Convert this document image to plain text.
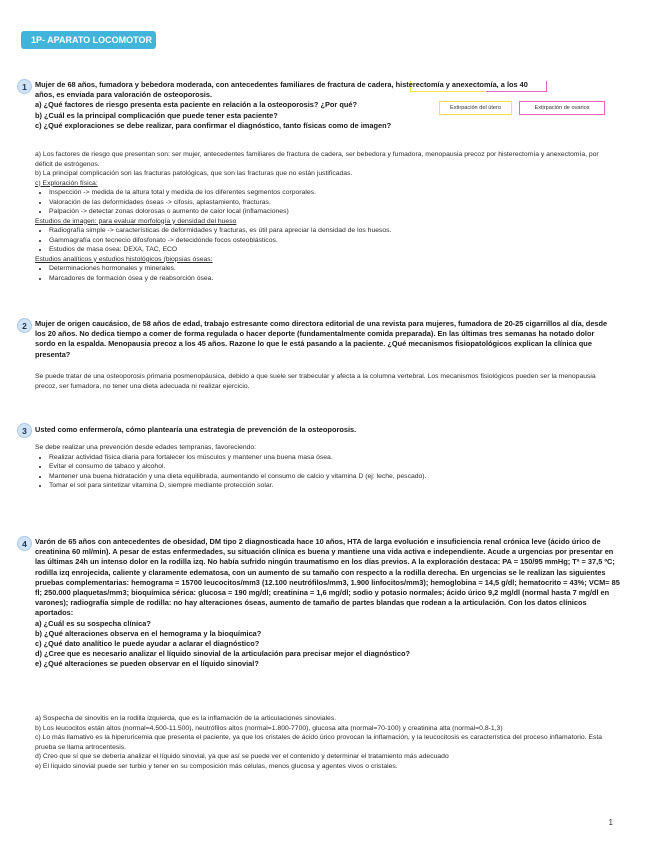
1P- APARATO LOCOMOTOR
Extirpación del útero	Extirpación de ovarios
1	Mujer de 68 años, fumadora y bebedora moderada, con antecedentes familiares de fractura de cadera, histerectomía y anexectomía, a los 40

años, es enviada para valoración de osteoporosis.

a) ¿Qué factores de riesgo presenta esta paciente en relación a la osteoporosis? ¿Por qué?

b) ¿Cuál es la principal complicación que puede tener esta paciente?

c) ¿Qué exploraciones se debe realizar, para confirmar el diagnóstico, tanto físicas como de imagen?

a) Los factores de riesgo que presentan son: ser mujer, antecedentes familiares de fractura de cadera, ser bebedora y fumadora, menopausia precoz por histerectomía y anexectomía, por déficit de estrógenos.

b) La principal complicación son las fracturas patológicas, que son las fracturas que no están justificadas.

c) Exploración física:

• Inspección -> medida de la altura total y medida de los diferentes segmentos corporales.
• Valoración de las deformidades óseas -> cifosis, aplastamiento, fracturas.
• Palpación -> detectar zonas dolorosas o aumento de calor local (inflamaciones)

Estudios de imagen: para evaluar morfología y densidad del hueso

• Radiografía simple -> características de deformidades y fracturas, es útil para apreciar la densidad de los huesos.
• Gammagrafía con tecnecio difosfonato -> detecidónde focos osteoblásticos.
• Estudios de masa ósea: DEXA, TAC, ECO

Estudios analíticos y estudios histológicos (biopsias óseas:

• Determinaciones hormonales y minerales.
• Marcadores de formación ósea y de reabsorción ósea.
2	Mujer de origen caucásico, de 58 años de edad, trabajo estresante como directora editorial de una revista para mujeres, fumadora de 20-25 cigarrillos al día, desde los 20 años. No dedica tiempo a comer de forma regulada o hacer deporte (fundamentalmente comida preparada). En las últimas tres semanas ha notado dolor sordo en la espalda. Menopausia precoz a los 45 años. Razone lo que le está pasando a la paciente. ¿Qué mecanismos fisiopatológicos explican la clínica que presenta?
Se puede tratar de una osteoporosis primaria posmenopáusica, debido a que suele ser trabecular y afecta a la columna vertebral. Los mecanismos fisiológicos pueden ser la menopausia precoz, ser fumadora, no tener una dieta adecuada ni realizar ejercicio.
3	Usted como enfermero/a, cómo plantearía una estrategia de prevención de la osteoporosis.

Se debe realizar una prevención desde edades tempranas, favoreciendo:

• Realizar actividad física diaria para fortalecer los músculos y mantener una buena masa ósea.
• Evitar el consumo de tabaco y alcohol.
• Mantener una buena hidratación y una dieta equilibrada, aumentando el consumo de calcio y vitamina D (ej: leche, pescado).
• Tomar el sol para sintetizar vitamina D, siempre mediante protección solar.
4	Varón de 65 años con antecedentes de obesidad, DM tipo 2 diagnosticada hace 10 años, HTA de larga evolución e insuficiencia renal crónica leve (ácido úrico de creatinina 60 ml/min). A pesar de estas enfermedades, su situación clínica es buena y mantiene una vida activa e independiente. Acude a urgencias por presentar en las últimas 24h un intenso dolor en la rodilla izq. No había sufrido ningún traumatismo en los días previos. A la exploración destaca: PA = 150/95 mmHg; Tª = 37,5 ºC; rodilla izq enrojecida, caliente y claramente edematosa, con un aumento de su tamaño con respecto a la rodilla derecha. En urgencias se le realizan las siguientes pruebas complementarias: hemograma = 15700 leucocitos/mm3 (12.100 neutrófilos/mm3, 1.900 linfocitos/mm3); hemoglobina = 14,5 g/dl; hematocrito = 43%; VCM= 85 fl; 250.000 plaquetas/mm3; bioquímica sérica: glucosa = 190 mg/dl; creatinina = 1,6 mg/dl; sodio y potasio normales; ácido úrico 9,2 mg/dl (normal hasta 7 mg/dl en varones); radiografía simple de rodilla: no hay alteraciones óseas, aumento de tamaño de partes blandas que rodean a la articulación. Con los datos clínicos aportados:

a) ¿Cuál es su sospecha clínica?

b) ¿Qué alteraciones observa en el hemograma y la bioquímica?

c) ¿Qué dato analítico le puede ayudar a aclarar el diagnóstico?

d) ¿Cree que es necesario analizar el líquido sinovial de la articulación para precisar mejor el diagnóstico?

e) ¿Qué alteraciones se pueden observar en el líquido sinovial?

a) Sospecha de sinovitis en la rodilla izquierda, que es la inflamación de la articulaciones sinoviales.

b) Los leucocitos están altos (normal=4.500-11.500), neutrófilos altos (normal=1.800-7700), glucosa alta (normal=70-100) y creatinina alta (normal=0,8-1,3)

c) Lo más llamativo es la hiperuricemia que presenta el paciente, ya que los cristales de ácido úrico provocan la inflamación, y la leucocitosis es característica del proceso inflamatorio. Esta prueba se llama artrocentesis.

d) Creo que sí que se debería analizar el líquido sinovial, ya que así se puede ver el contenido y determinar el tratamiento más adecuado

e) El líquido sinovial puede ser turbio y tener en su composición más células, menos glucosa y agentes vivos o cristales.

1
